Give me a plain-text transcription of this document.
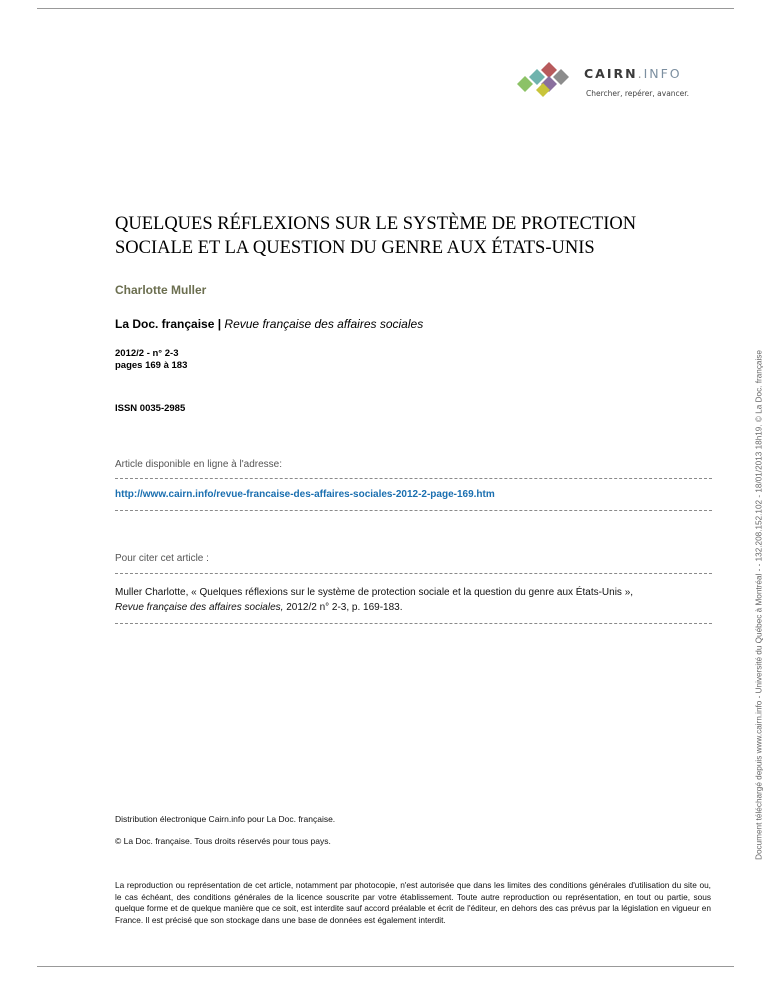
CAIRN.INFO
Chercher, repérer, avancer.
QUELQUES RÉFLEXIONS SUR LE SYSTÈME DE PROTECTION SOCIALE ET LA QUESTION DU GENRE AUX ÉTATS-UNIS
Charlotte Muller
La Doc. française | Revue française des affaires sociales
2012/2 - n° 2-3
pages 169 à 183
ISSN 0035-2985
Article disponible en ligne à l'adresse:
http://www.cairn.info/revue-francaise-des-affaires-sociales-2012-2-page-169.htm
Pour citer cet article :
Muller Charlotte, « Quelques réflexions sur le système de protection sociale et la question du genre aux États-Unis »,
Revue française des affaires sociales, 2012/2 n° 2-3, p. 169-183.
Distribution électronique Cairn.info pour La Doc. française.
© La Doc. française. Tous droits réservés pour tous pays.
La reproduction ou représentation de cet article, notamment par photocopie, n'est autorisée que dans les limites des conditions générales d'utilisation du site ou, le cas échéant, des conditions générales de la licence souscrite par votre établissement. Toute autre reproduction ou représentation, en tout ou partie, sous quelque forme et de quelque manière que ce soit, est interdite sauf accord préalable et écrit de l'éditeur, en dehors des cas prévus par la législation en vigueur en France. Il est précisé que son stockage dans une base de données est également interdit.
Document téléchargé depuis www.cairn.info - Université du Québec à Montréal - - 132.208.152.102 - 18/01/2013 18h19. © La Doc. française
